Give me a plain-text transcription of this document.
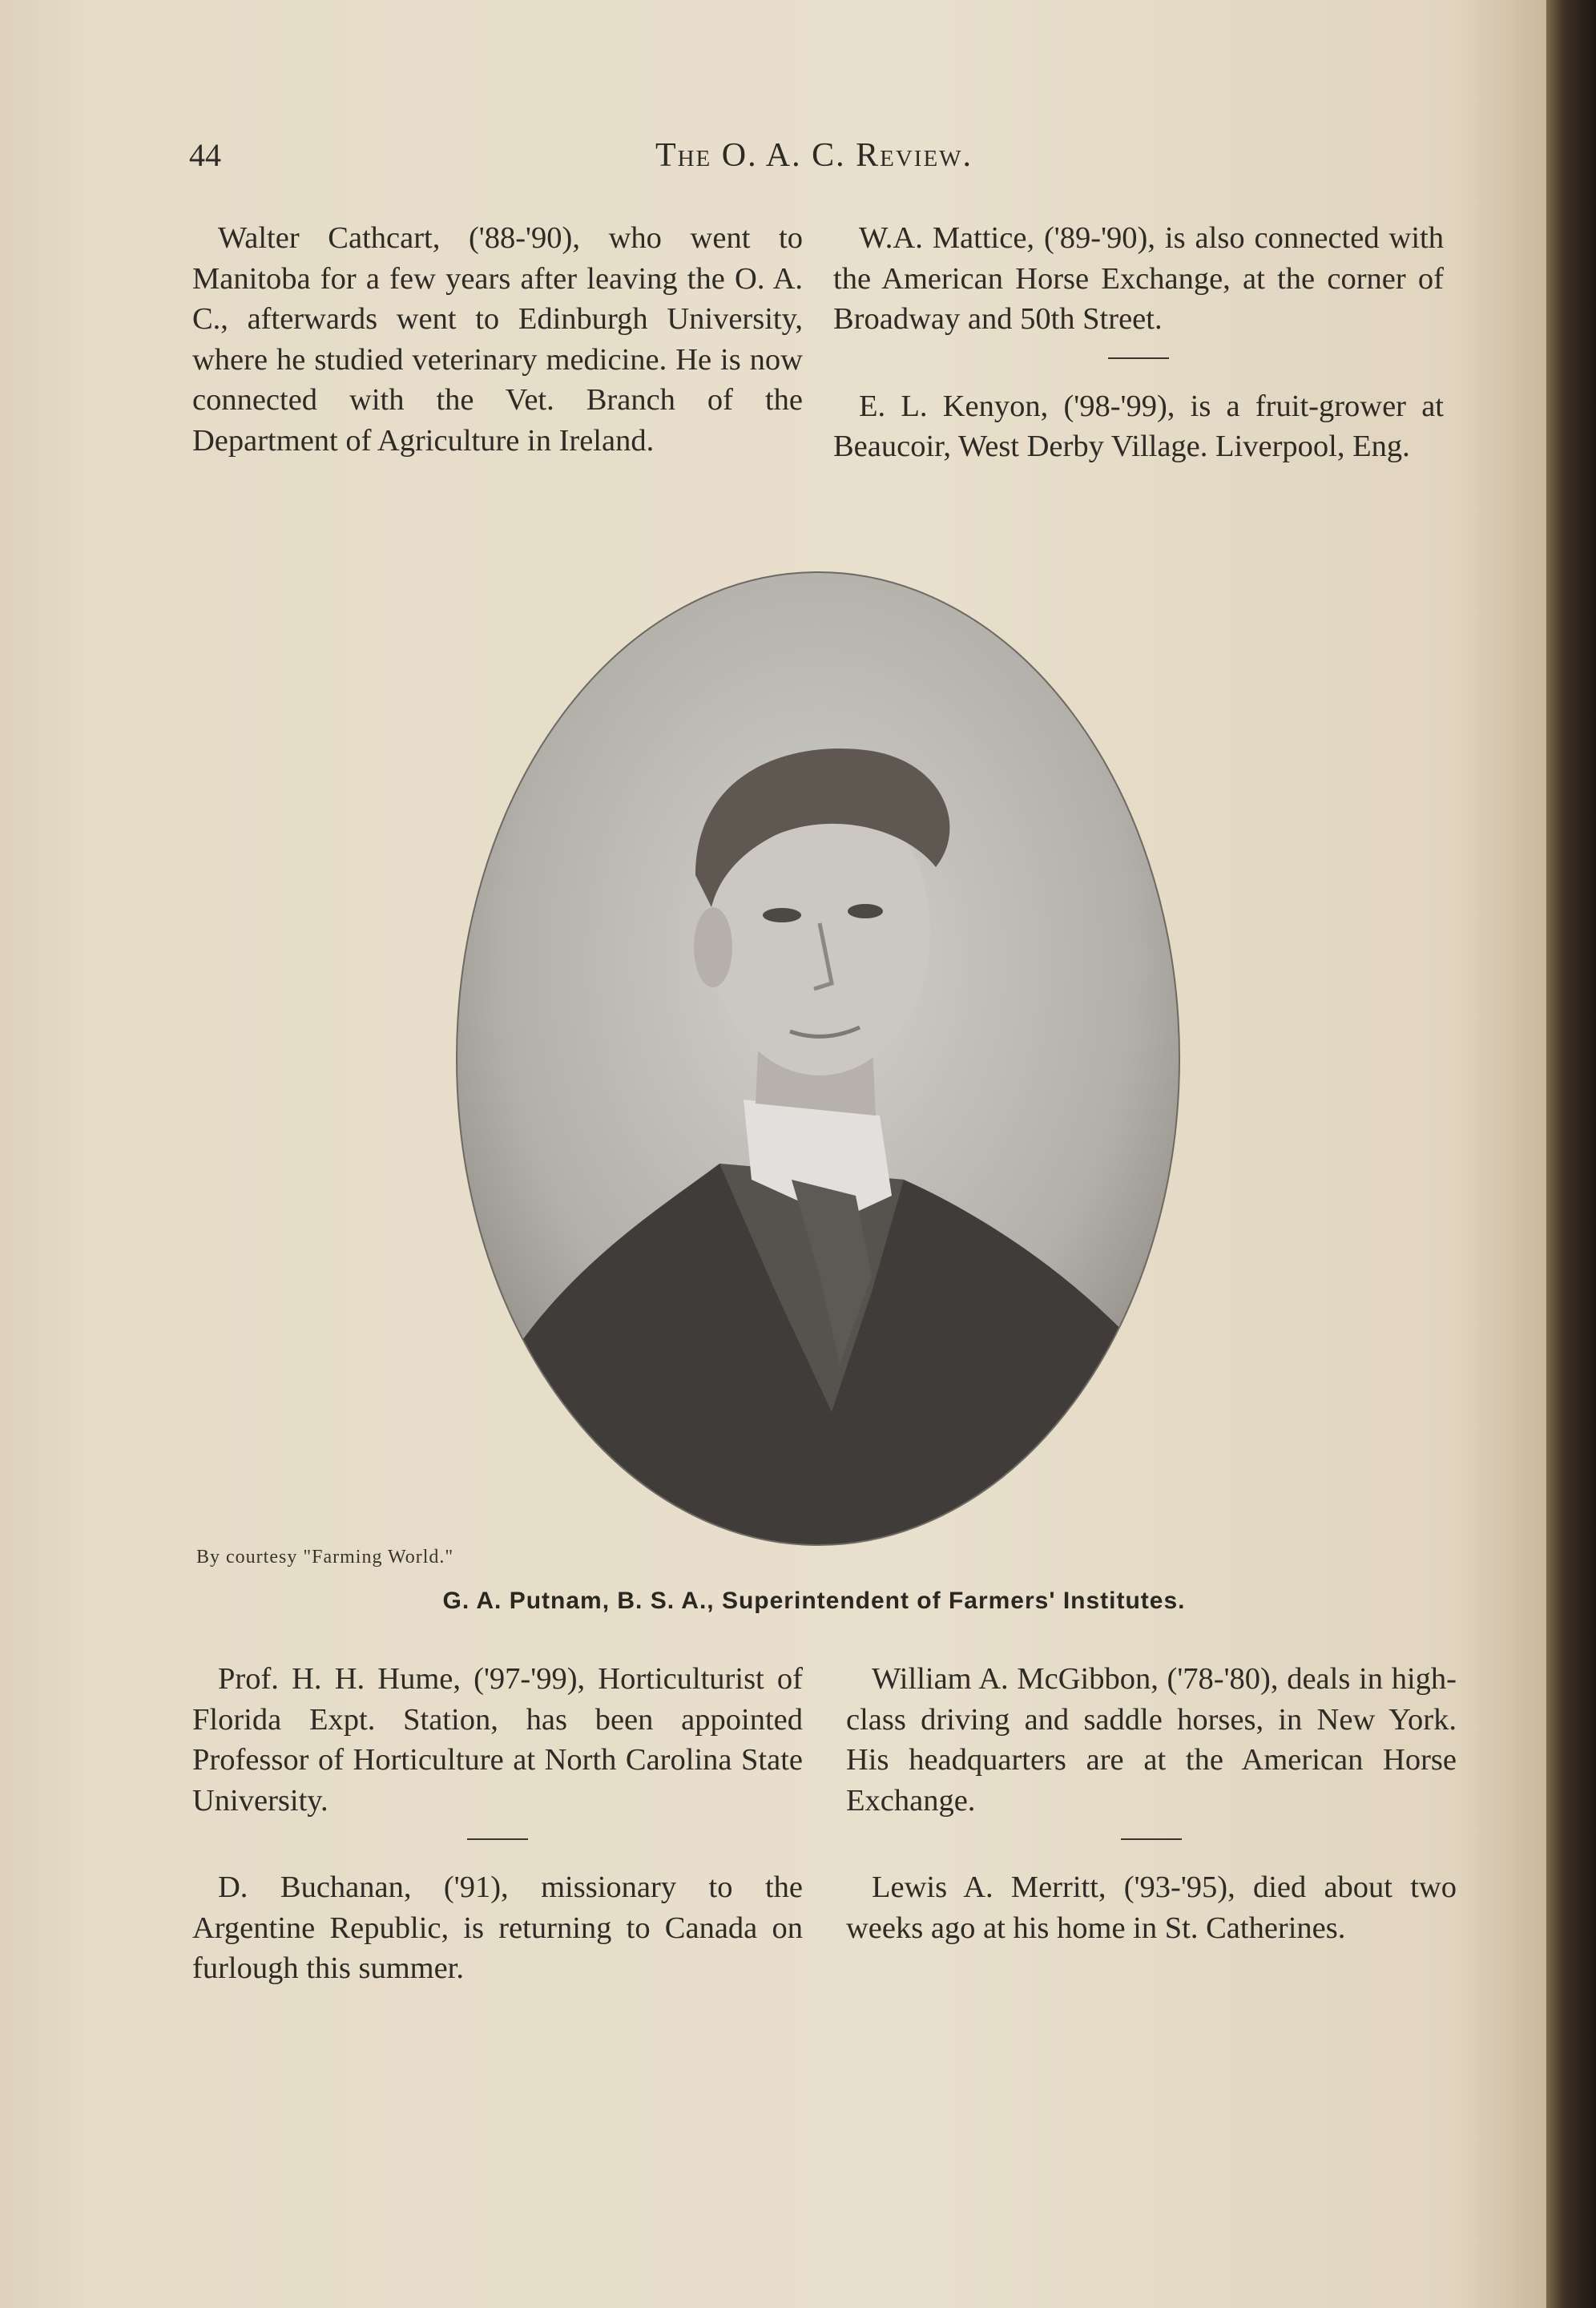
44	The O. A. C. Review.

Walter Cathcart, ('88-'90), who went to Manitoba for a few years after leaving the O. A. C., afterwards went to Edinburgh University, where he studied veterinary medicine. He is now connected with the Vet. Branch of the Department of Agriculture in Ireland.

W.A. Mattice, ('89-'90), is also connected with the American Horse Exchange, at the corner of Broadway and 50th Street.

E. L. Kenyon, ('98-'99), is a fruit-grower at Beaucoir, West Derby Village. Liverpool, Eng.

By courtesy "Farming World."
G. A. Putnam, B. S. A., Superintendent of Farmers' Institutes.

Prof. H. H. Hume, ('97-'99), Horticulturist of Florida Expt. Station, has been appointed Professor of Horticulture at North Carolina State University.

D. Buchanan, ('91), missionary to the Argentine Republic, is returning to Canada on furlough this summer.

William A. McGibbon, ('78-'80), deals in high-class driving and saddle horses, in New York. His headquarters are at the American Horse Exchange.

Lewis A. Merritt, ('93-'95), died about two weeks ago at his home in St. Catherines.
